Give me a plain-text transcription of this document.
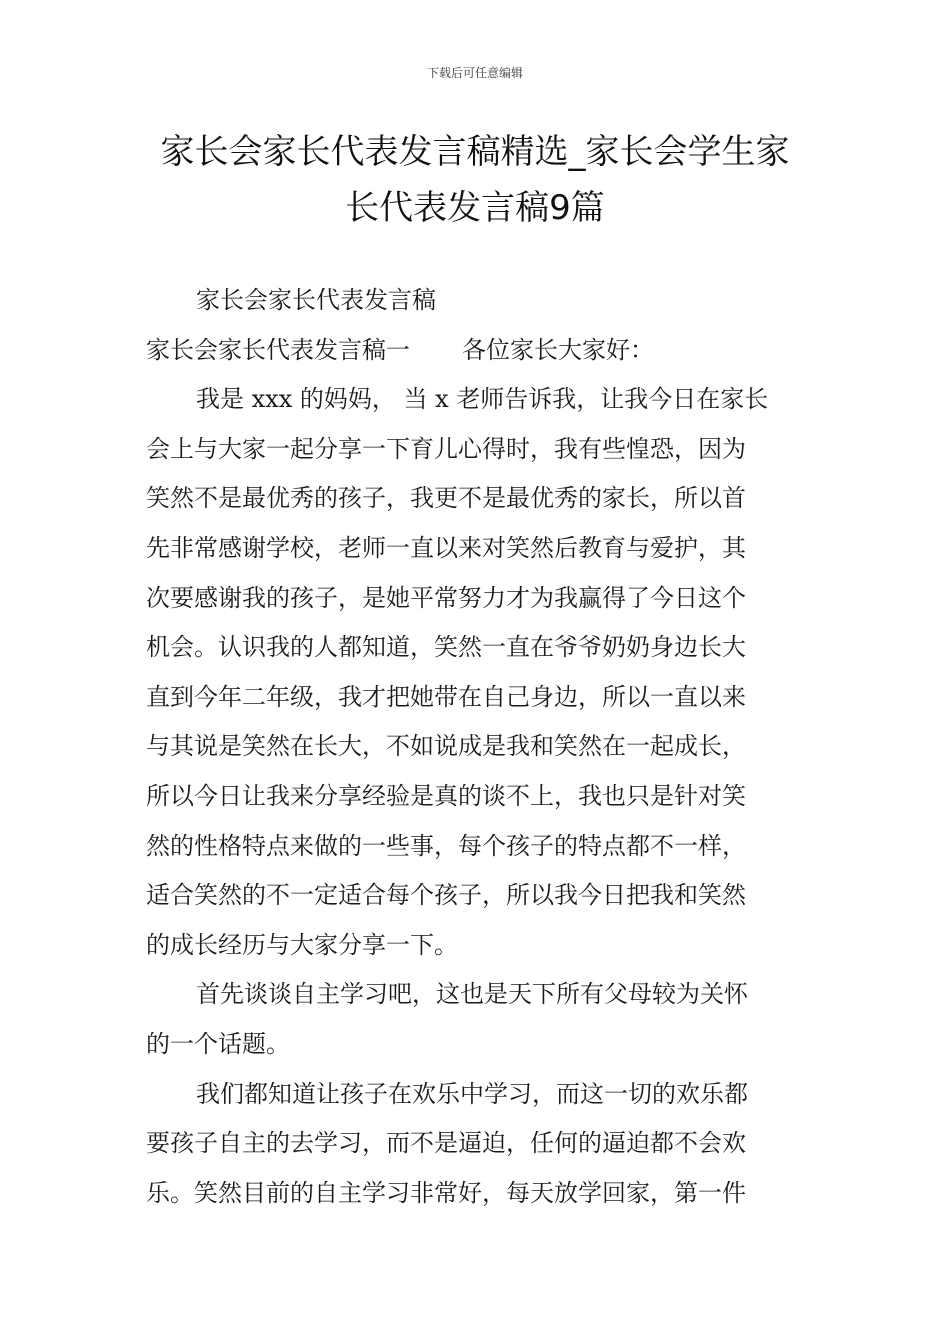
下载后可任意编辑
家长会家长代表发言稿精选_家长会学生家
长代表发言稿9篇
家长会家长代表发言稿
家长会家长代表发言稿一 各位家长大家好：
我是 xxx 的妈妈， 当 x 老师告诉我，让我今日在家长
会上与大家一起分享一下育儿心得时，我有些惶恐，因为
笑然不是最优秀的孩子，我更不是最优秀的家长，所以首
先非常感谢学校，老师一直以来对笑然后教育与爱护，其
次要感谢我的孩子，是她平常努力才为我赢得了今日这个
机会。认识我的人都知道，笑然一直在爷爷奶奶身边长大
直到今年二年级，我才把她带在自己身边，所以一直以来
与其说是笑然在长大，不如说成是我和笑然在一起成长，
所以今日让我来分享经验是真的谈不上，我也只是针对笑
然的性格特点来做的一些事，每个孩子的特点都不一样，
适合笑然的不一定适合每个孩子，所以我今日把我和笑然
的成长经历与大家分享一下。
首先谈谈自主学习吧，这也是天下所有父母较为关怀
的一个话题。
我们都知道让孩子在欢乐中学习，而这一切的欢乐都
要孩子自主的去学习，而不是逼迫，任何的逼迫都不会欢
乐。笑然目前的自主学习非常好，每天放学回家，第一件
